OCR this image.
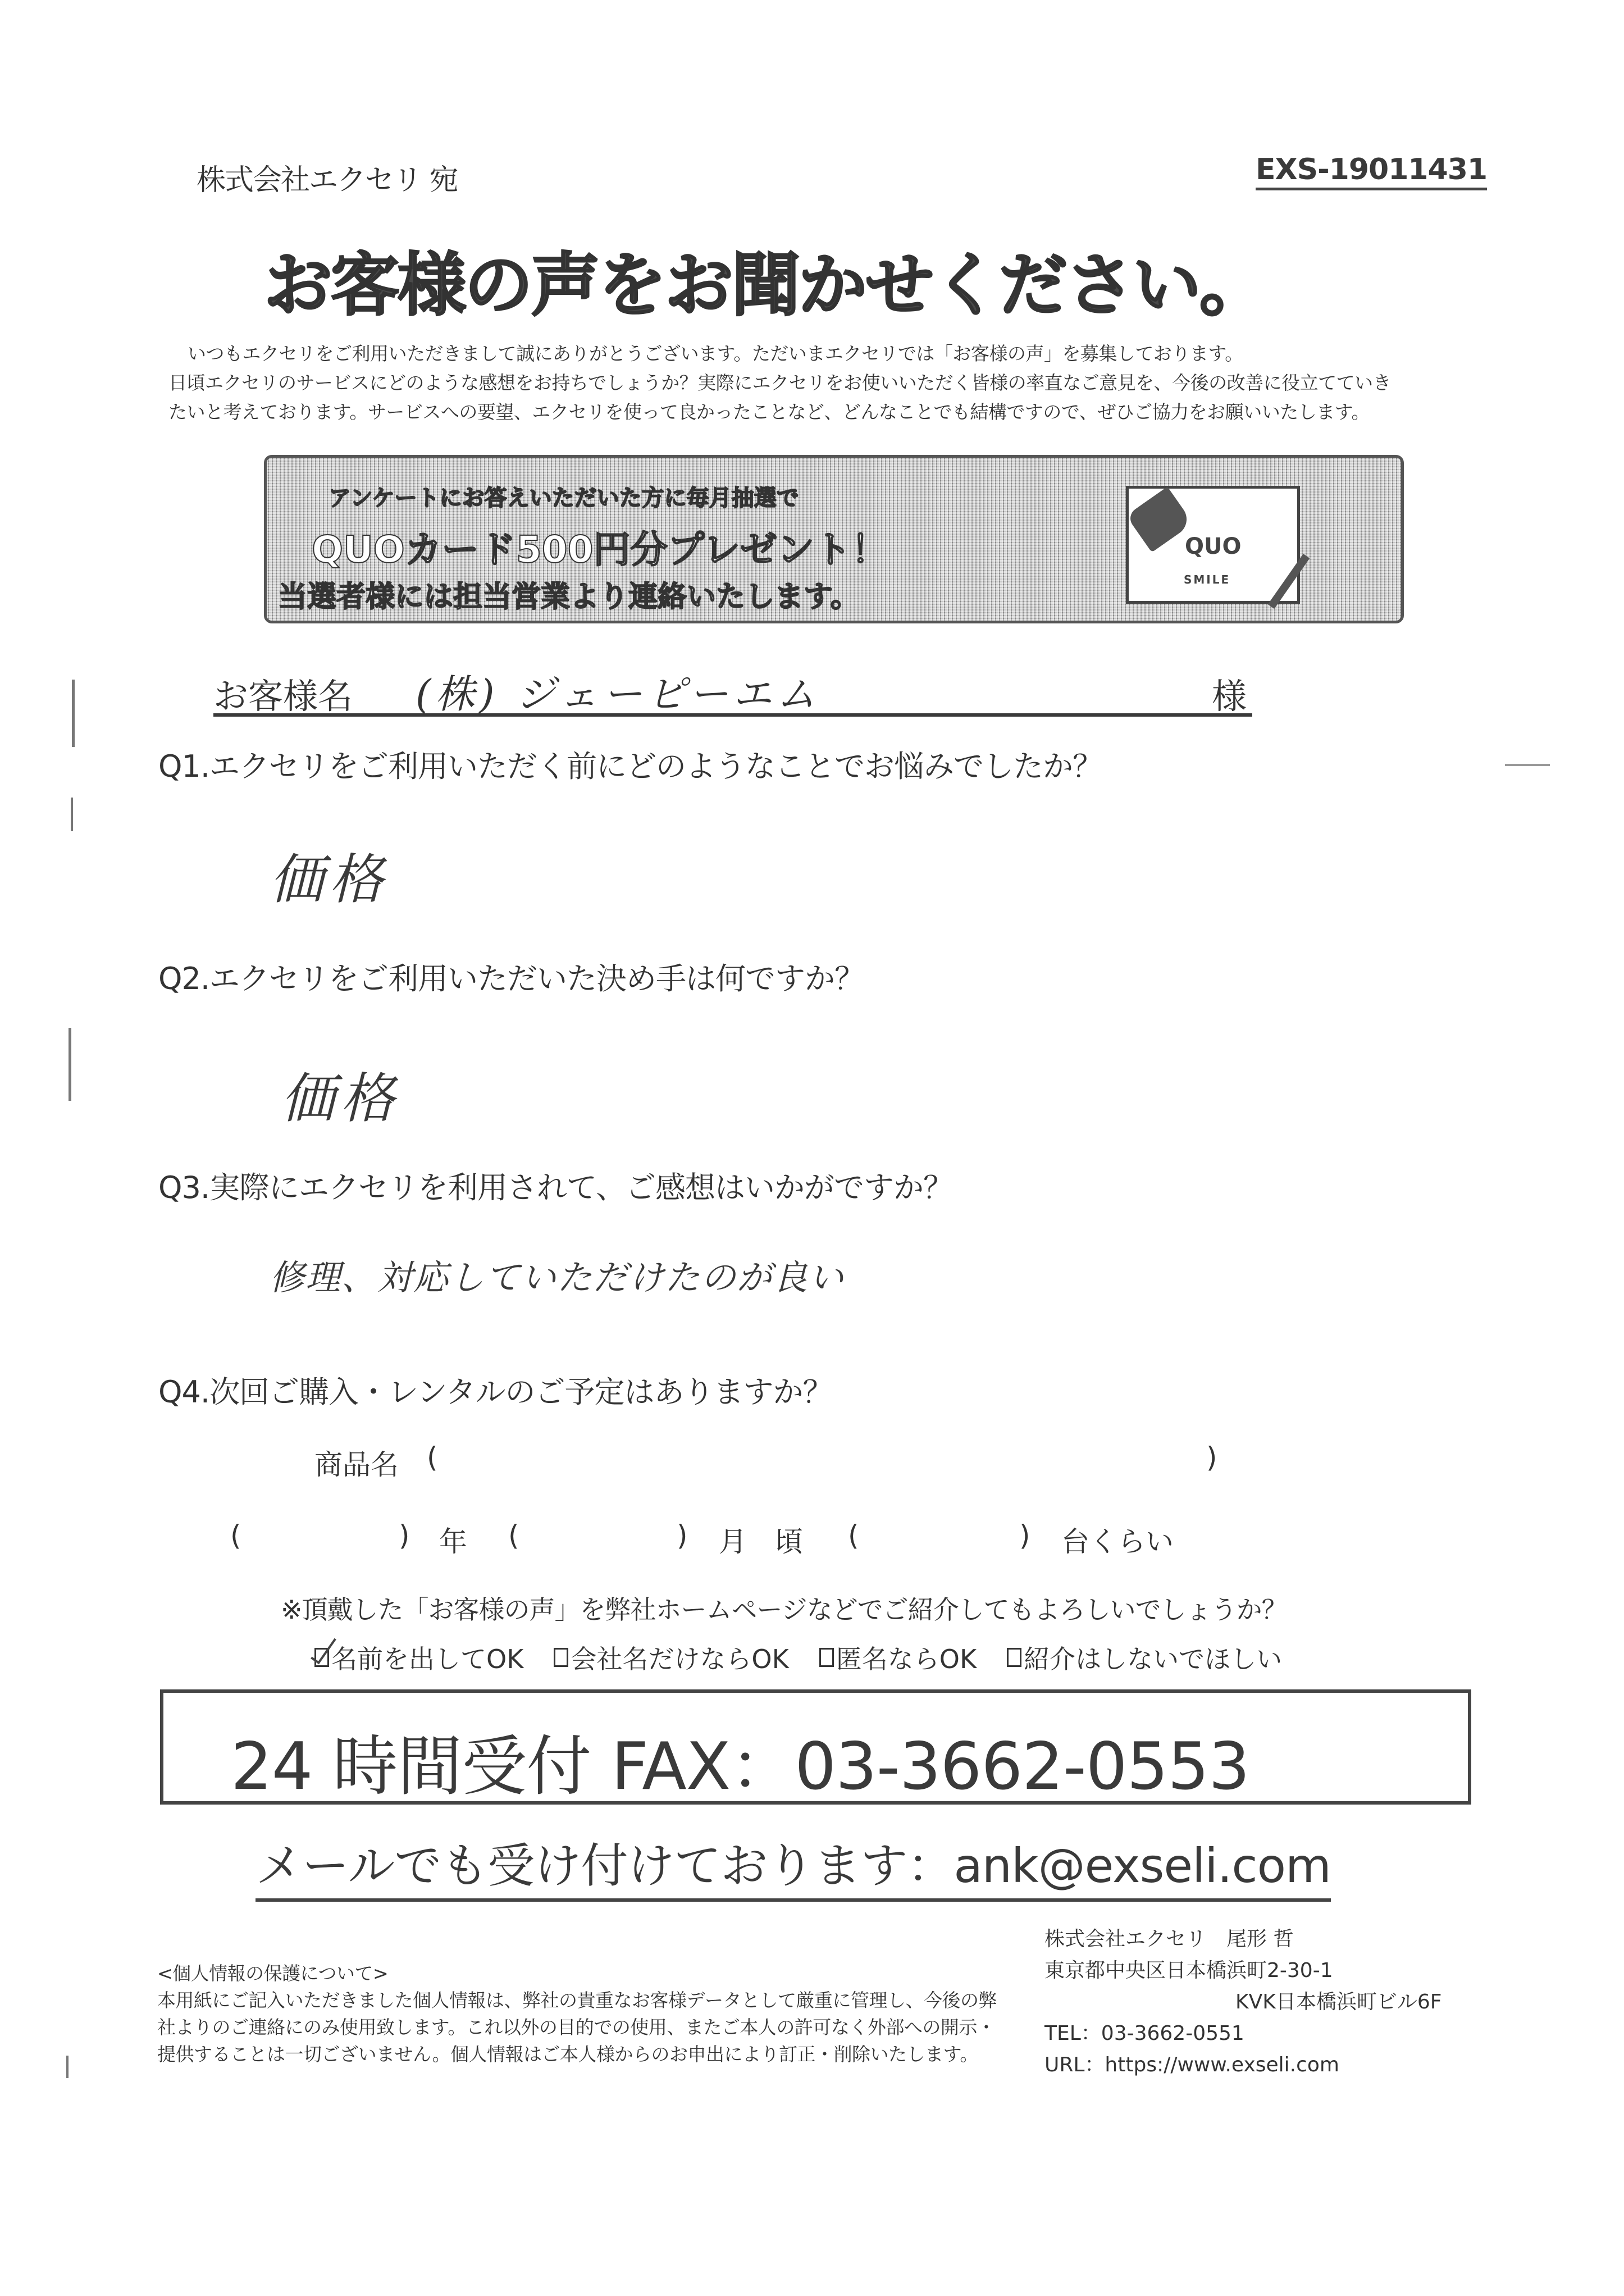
株式会社エクセリ 宛	EXS-19011431
お客様の声をお聞かせください。
いつもエクセリをご利用いただきまして誠にありがとうございます。ただいまエクセリでは「お客様の声」を募集しております。
日頃エクセリのサービスにどのような感想をお持ちでしょうか？実際にエクセリをお使いいただく皆様の率直なご意見を、今後の改善に役立てていき
たいと考えております。サービスへの要望、エクセリを使って良かったことなど、どんなことでも結構ですので、ぜひご協力をお願いいたします。
アンケートにお答えいただいた方に毎月抽選で
QUOカード500円分プレゼント！
当選者様には担当営業より連絡いたします。
QUO
SMILE
お客様名 (株) ジェーピーエム	様
Q1.エクセリをご利用いただく前にどのようなことでお悩みでしたか？
価格
Q2.エクセリをご利用いただいた決め手は何ですか？
価格
Q3.実際にエクセリを利用されて、ご感想はいかがですか？
修理、対応していただけたのが良い
Q4.次回ご購入・レンタルのご予定はありますか？
商品名 (	)
(	) 年 (	) 月　頃 (	) 台くらい
※頂戴した「お客様の声」を弊社ホームページなどでご紹介してもよろしいでしょうか？
名前を出してOK 会社名だけならOK 匿名ならOK 紹介はしないでほしい
24 時間受付 FAX：03-3662-0553
メールでも受け付けております：ank@exseli.com
<個人情報の保護について>
本用紙にご記入いただきました個人情報は、弊社の貴重なお客様データとして厳重に管理し、今後の弊
社よりのご連絡にのみ使用致します。これ以外の目的での使用、またご本人の許可なく外部への開示・
提供することは一切ございません。個人情報はご本人様からのお申出により訂正・削除いたします。
株式会社エクセリ　尾形 哲
東京都中央区日本橋浜町2-30-1
KVK日本橋浜町ビル6F
TEL：03-3662-0551
URL：https://www.exseli.com
